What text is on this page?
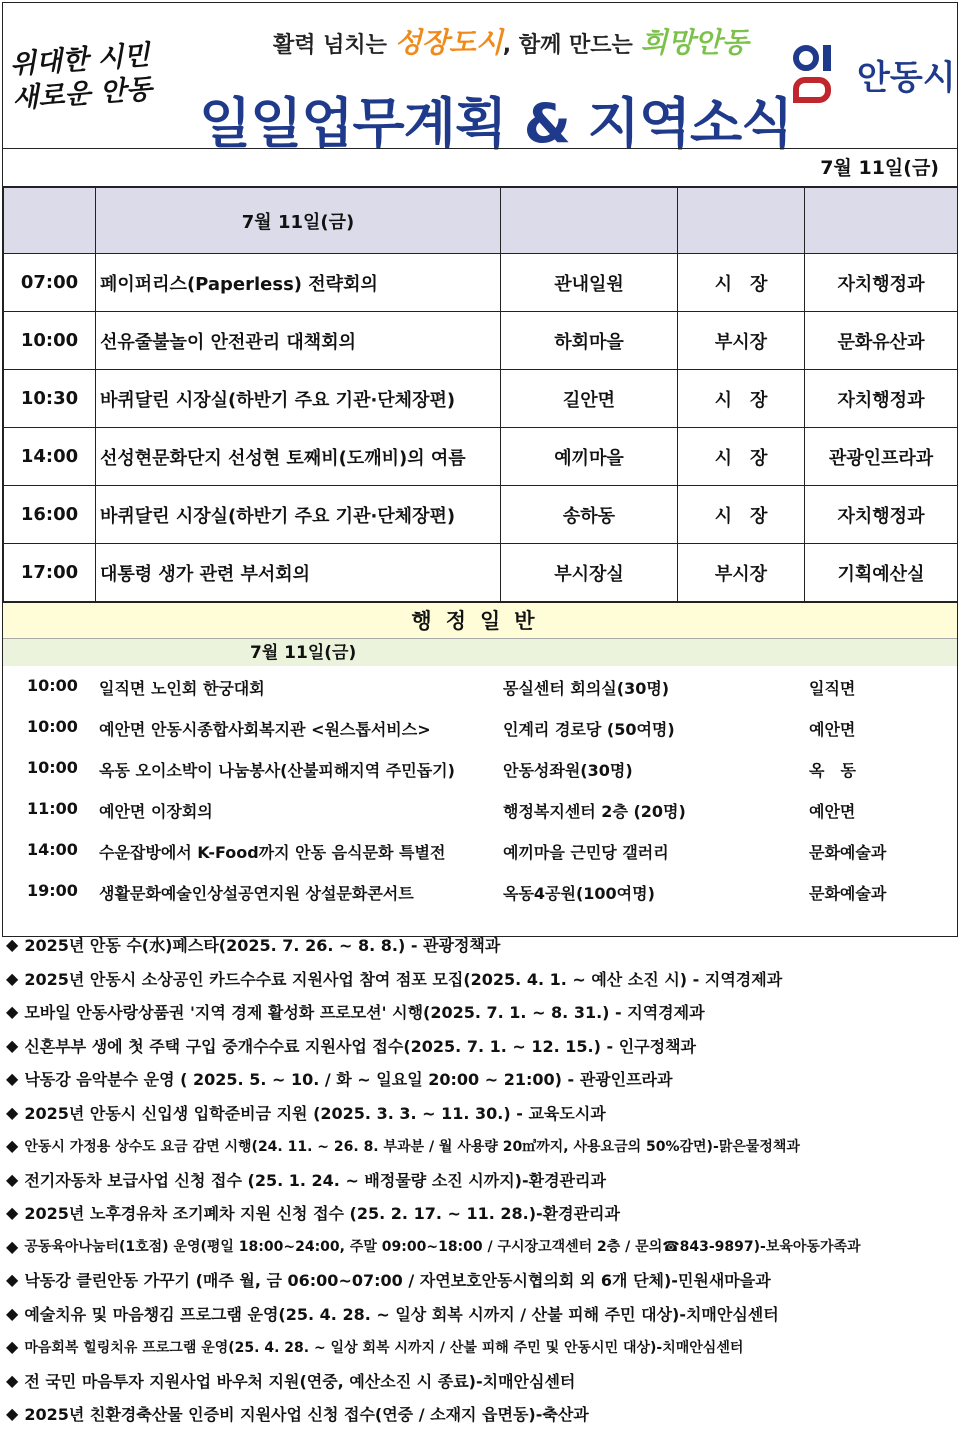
위대한 시민 새로운 안동
활력 넘치는 성장도시, 함께 만드는 희망안동
일일업무계획 & 지역소식
안동시
7월 11일(금)
	7월 11일(금)			
07:00	페이퍼리스(Paperless) 전략회의	관내일원	시　장	자치행정과
10:00	선유줄불놀이 안전관리 대책회의	하회마을	부시장	문화유산과
10:30	바퀴달린 시장실(하반기 주요 기관·단체장편)	길안면	시　장	자치행정과
14:00	선성현문화단지 선성현 토째비(도깨비)의 여름	예끼마을	시　장	관광인프라과
16:00	바퀴달린 시장실(하반기 주요 기관·단체장편)	송하동	시　장	자치행정과
17:00	대통령 생가 관련 부서회의	부시장실	부시장	기획예산실
행정일반
7월 11일(금)
10:00 일직면 노인회 한궁대회	몽실센터 회의실(30명)	일직면
10:00 예안면 안동시종합사회복지관 <원스톱서비스>	인계리 경로당 (50여명)	예안면
10:00 옥동 오이소박이 나눔봉사(산불피해지역 주민돕기)	안동성좌원(30명)	옥　동
11:00 예안면 이장회의	행정복지센터 2층 (20명)	예안면
14:00 수운잡방에서 K-Food까지 안동 음식문화 특별전	예끼마을 근민당 갤러리	문화예술과
19:00 생활문화예술인상설공연지원 상설문화콘서트	옥동4공원(100여명)	문화예술과
◆ 2025년 안동 수(水)페스타(2025. 7. 26. ~ 8. 8.) - 관광정책과
◆ 2025년 안동시 소상공인 카드수수료 지원사업 참여 점포 모집(2025. 4. 1. ~ 예산 소진 시) - 지역경제과
◆ 모바일 안동사랑상품권 '지역 경제 활성화 프로모션' 시행(2025. 7. 1. ~ 8. 31.) - 지역경제과
◆ 신혼부부 생에 첫 주택 구입 중개수수료 지원사업 접수(2025. 7. 1. ~ 12. 15.) - 인구정책과
◆ 낙동강 음악분수 운영 ( 2025. 5. ~ 10. / 화 ~ 일요일 20:00 ~ 21:00) - 관광인프라과
◆ 2025년 안동시 신입생 입학준비금 지원 (2025. 3. 3. ~ 11. 30.) - 교육도시과
◆ 안동시 가정용 상수도 요금 감면 시행(24. 11. ~ 26. 8. 부과분 / 월 사용량 20㎥까지, 사용요금의 50%감면)-맑은물정책과
◆ 전기자동차 보급사업 신청 접수 (25. 1. 24. ~ 배정물량 소진 시까지)-환경관리과
◆ 2025년 노후경유차 조기폐차 지원 신청 접수 (25. 2. 17. ~ 11. 28.)-환경관리과
◆ 공동육아나눔터(1호점) 운영(평일 18:00~24:00, 주말 09:00~18:00 / 구시장고객센터 2층 / 문의☎843-9897)-보육아동가족과
◆ 낙동강 클린안동 가꾸기 (매주 월, 금 06:00~07:00 / 자연보호안동시협의회 외 6개 단체)-민원새마을과
◆ 예술치유 및 마음챙김 프로그램 운영(25. 4. 28. ~ 일상 회복 시까지 / 산불 피해 주민 대상)-치매안심센터
◆ 마음회복 힐링치유 프로그램 운영(25. 4. 28. ~ 일상 회복 시까지 / 산불 피해 주민 및 안동시민 대상)-치매안심센터
◆ 전 국민 마음투자 지원사업 바우처 지원(연중, 예산소진 시 종료)-치매안심센터
◆ 2025년 친환경축산물 인증비 지원사업 신청 접수(연중 / 소재지 읍면동)-축산과
